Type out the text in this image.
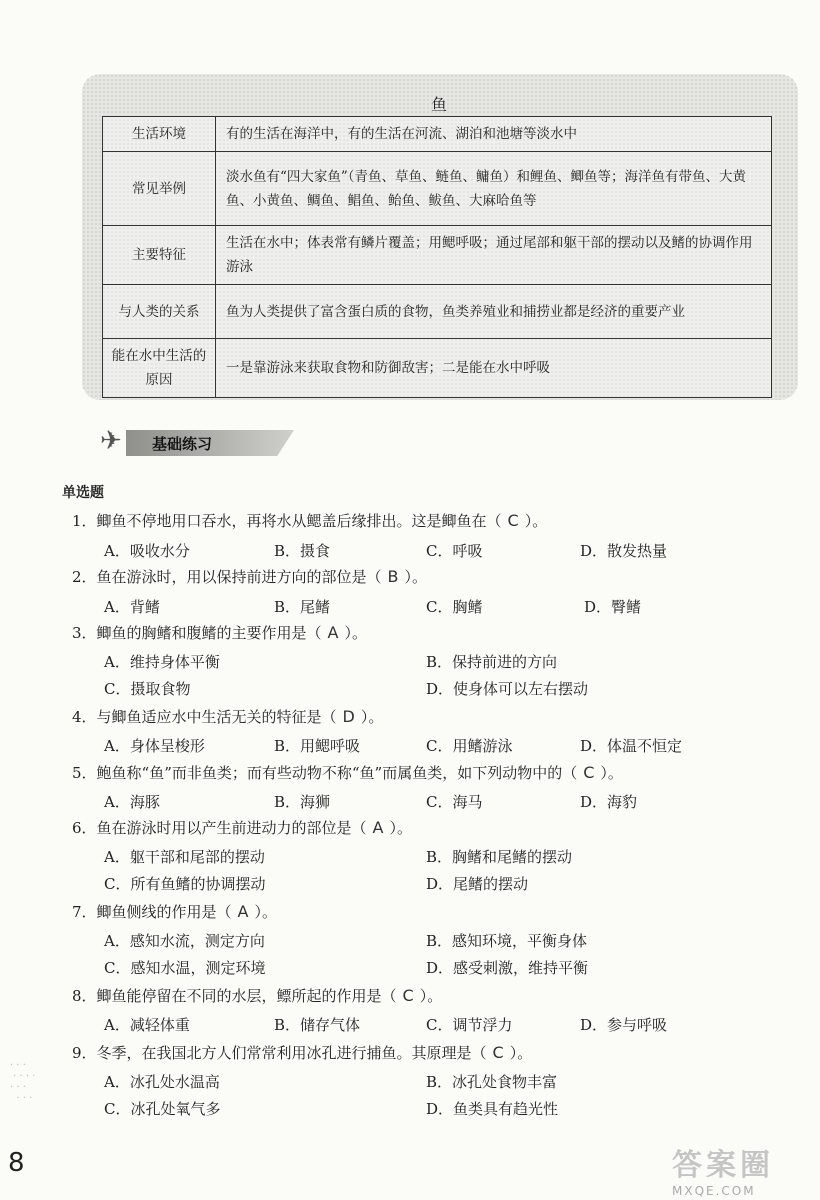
鱼
生活环境	有的生活在海洋中，有的生活在河流、湖泊和池塘等淡水中
常见举例	淡水鱼有“四大家鱼”（青鱼、草鱼、鲢鱼、鳙鱼）和鲤鱼、鲫鱼等；海洋鱼有带鱼、大黄鱼、小黄鱼、鲷鱼、鲳鱼、鲐鱼、鲅鱼、大麻哈鱼等
主要特征	生活在水中；体表常有鳞片覆盖；用鳃呼吸；通过尾部和躯干部的摆动以及鳍的协调作用游泳
与人类的关系	鱼为人类提供了富含蛋白质的食物，鱼类养殖业和捕捞业都是经济的重要产业
能在水中生活的原因	一是靠游泳来获取食物和防御敌害；二是能在水中呼吸
✈ 基础练习
单选题
1．鲫鱼不停地用口吞水，再将水从鳃盖后缘排出。这是鲫鱼在（ C ）。
A．吸收水分	B．摄食	C．呼吸	D．散发热量
2．鱼在游泳时，用以保持前进方向的部位是（ B ）。
A．背鳍	B．尾鳍	C．胸鳍	D．臀鳍
3．鲫鱼的胸鳍和腹鳍的主要作用是（ A ）。
A．维持身体平衡	B．保持前进的方向
C．摄取食物	D．使身体可以左右摆动
4．与鲫鱼适应水中生活无关的特征是（ D ）。
A．身体呈梭形	B．用鳃呼吸	C．用鳍游泳	D．体温不恒定
5．鲍鱼称“鱼”而非鱼类；而有些动物不称“鱼”而属鱼类，如下列动物中的（ C ）。
A．海豚	B．海狮	C．海马	D．海豹
6．鱼在游泳时用以产生前进动力的部位是（ A ）。
A．躯干部和尾部的摆动	B．胸鳍和尾鳍的摆动
C．所有鱼鳍的协调摆动	D．尾鳍的摆动
7．鲫鱼侧线的作用是（ A ）。
A．感知水流，测定方向	B．感知环境，平衡身体
C．感知水温，测定环境	D．感受刺激，维持平衡
8．鲫鱼能停留在不同的水层，鳔所起的作用是（ C ）。
A．减轻体重	B．储存气体	C．调节浮力	D．参与呼吸
9．冬季，在我国北方人们常常利用冰孔进行捕鱼。其原理是（ C ）。
A．冰孔处水温高	B．冰孔处食物丰富
C．冰孔处氧气多	D．鱼类具有趋光性
· · ·
· · · ·
· · ·
· · ·
8	答案圈
MXQE.COM
